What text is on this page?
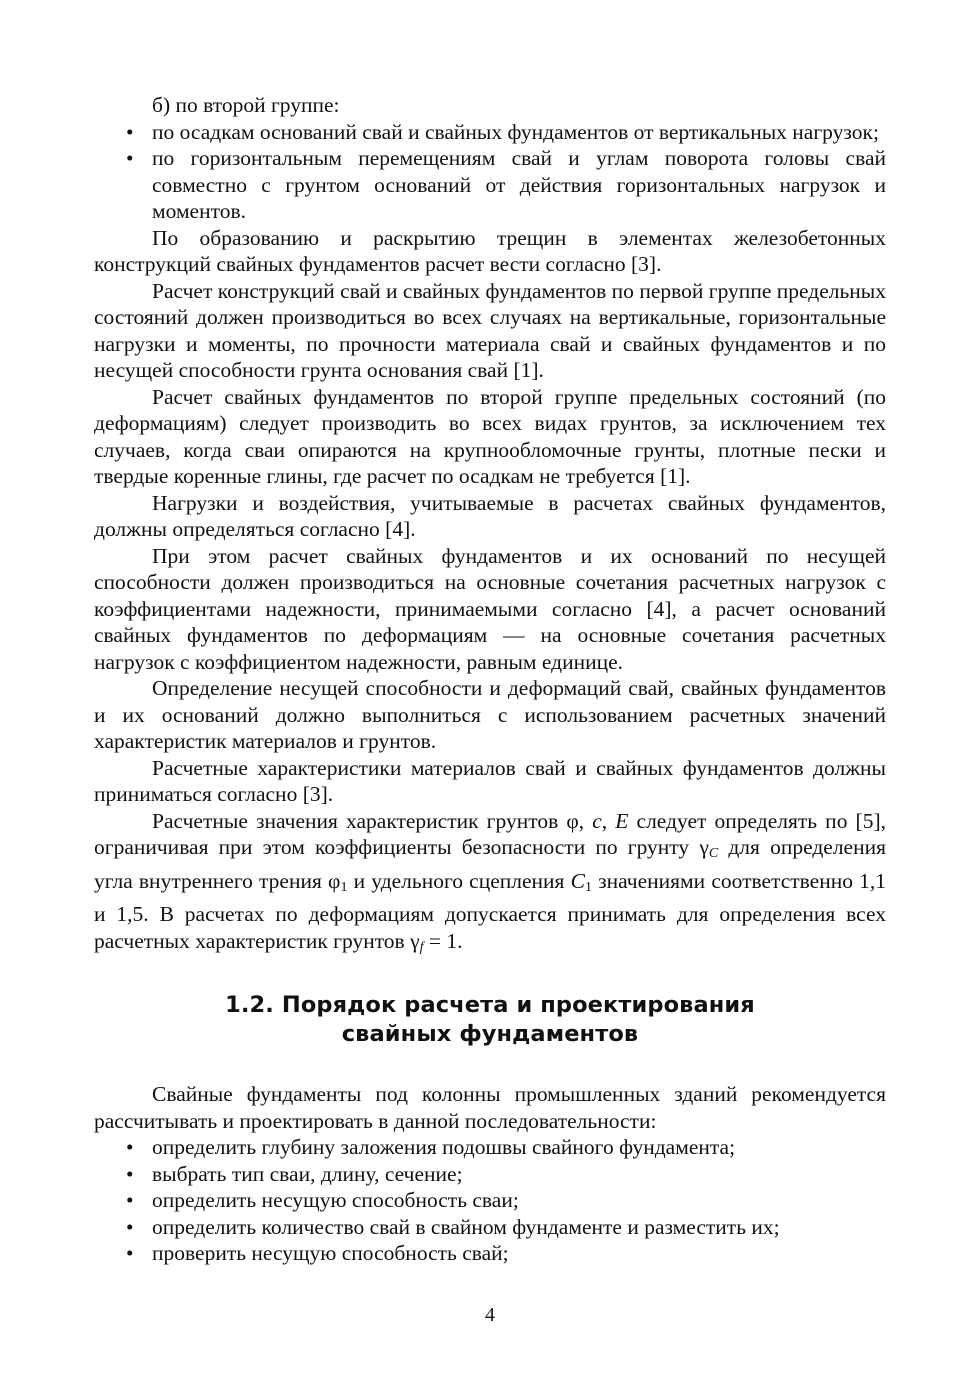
б) по второй группе:

• по осадкам оснований свай и свайных фундаментов от вертикальных нагрузок;
• по горизонтальным перемещениям свай и углам поворота головы свай совместно с грунтом оснований от действия горизонтальных нагрузок и моментов.

По образованию и раскрытию трещин в элементах железобетонных конструкций свайных фундаментов расчет вести согласно [3].

Расчет конструкций свай и свайных фундаментов по первой группе предельных состояний должен производиться во всех случаях на вертикальные, горизонтальные нагрузки и моменты, по прочности материала свай и свайных фундаментов и по несущей способности грунта основания свай [1].

Расчет свайных фундаментов по второй группе предельных состояний (по деформациям) следует производить во всех видах грунтов, за исключением тех случаев, когда сваи опираются на крупнообломочные грунты, плотные пески и твердые коренные глины, где расчет по осадкам не требуется [1].

Нагрузки и воздействия, учитываемые в расчетах свайных фундаментов, должны определяться согласно [4].

При этом расчет свайных фундаментов и их оснований по несущей способности должен производиться на основные сочетания расчетных нагрузок с коэффициентами надежности, принимаемыми согласно [4], а расчет оснований свайных фундаментов по деформациям — на основные сочетания расчетных нагрузок с коэффициентом надежности, равным единице.

Определение несущей способности и деформаций свай, свайных фундаментов и их оснований должно выполниться с использованием расчетных значений характеристик материалов и грунтов.

Расчетные характеристики материалов свай и свайных фундаментов должны приниматься согласно [3].

Расчетные значения характеристик грунтов φ, c, E следует определять по [5], ограничивая при этом коэффициенты безопасности по грунту $\gamma_C$ для определения угла внутреннего трения $\varphi_1$ и удельного сцепления $C_1$ значениями соответственно 1,1 и 1,5. В расчетах по деформациям допускается принимать для определения всех расчетных характеристик грунтов $\gamma_f = 1$.

1.2. Порядок расчета и проектирования
свайных фундаментов

Свайные фундаменты под колонны промышленных зданий рекомендуется рассчитывать и проектировать в данной последовательности:

• определить глубину заложения подошвы свайного фундамента;
• выбрать тип сваи, длину, сечение;
• определить несущую способность сваи;
• определить количество свай в свайном фундаменте и разместить их;
• проверить несущую способность свай;
4
